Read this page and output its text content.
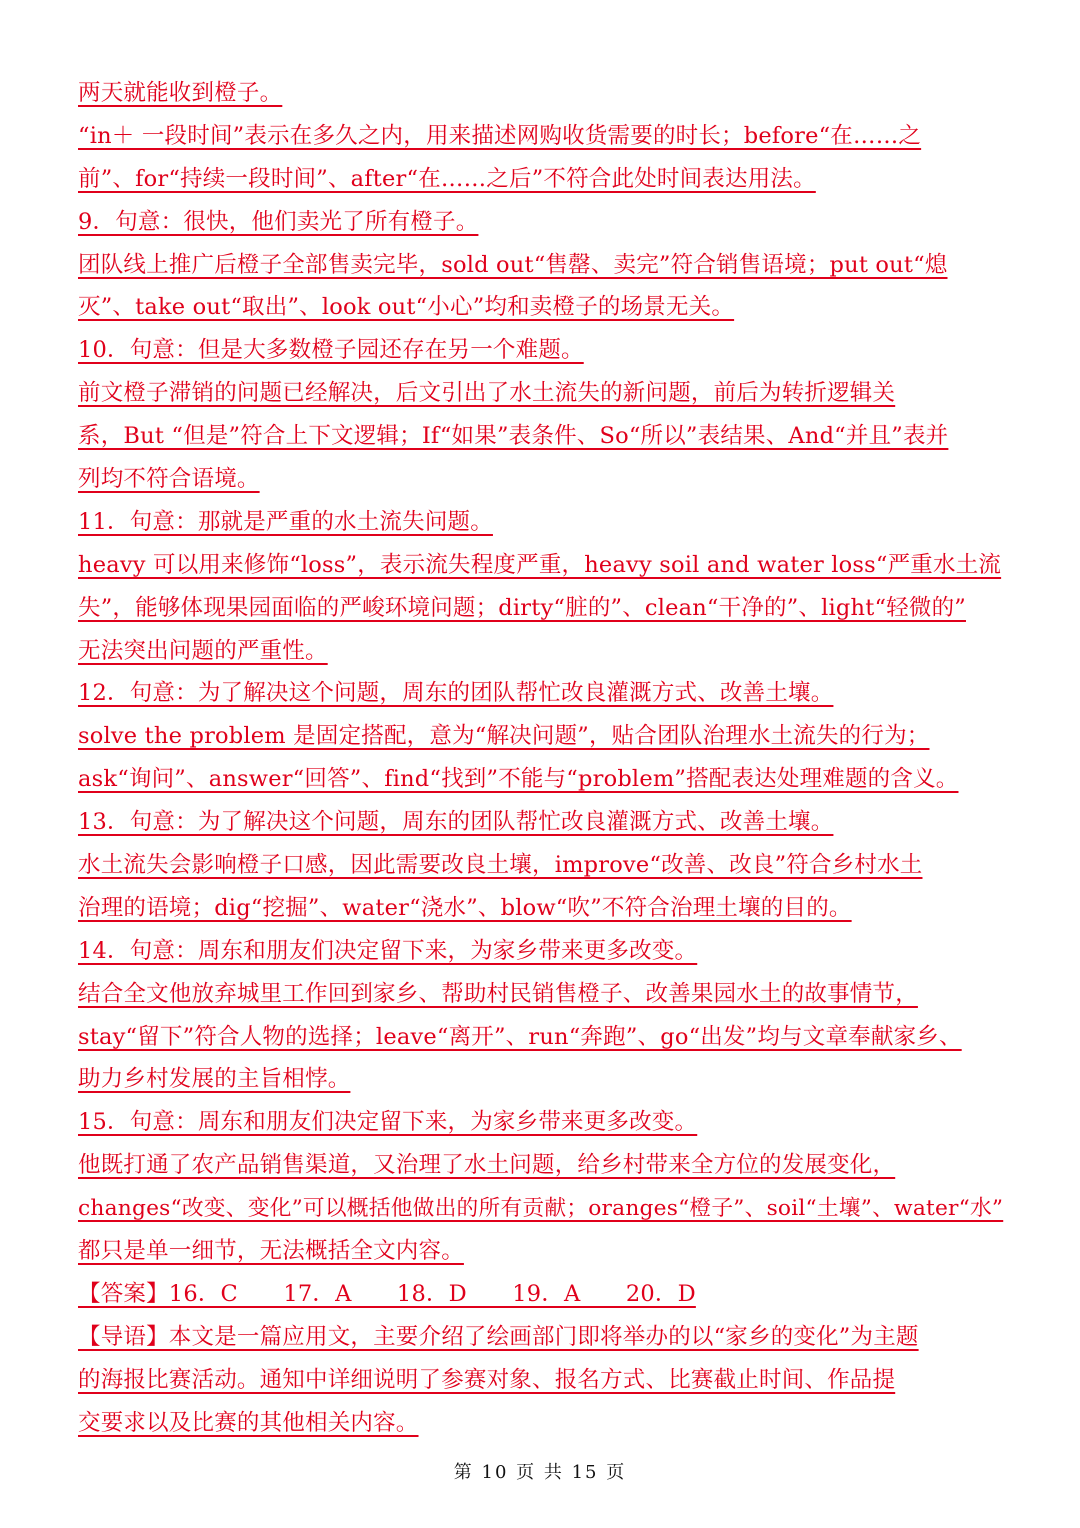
两天就能收到橙子。
“in＋ 一段时间”表示在多久之内，用来描述网购收货需要的时长；before“在……之
前”、for“持续一段时间”、after“在……之后”不符合此处时间表达用法。
9．句意：很快，他们卖光了所有橙子。
团队线上推广后橙子全部售卖完毕，sold out“售罄、卖完”符合销售语境；put out“熄
灭”、take out“取出”、look out“小心”均和卖橙子的场景无关。
10．句意：但是大多数橙子园还存在另一个难题。
前文橙子滞销的问题已经解决，后文引出了水土流失的新问题，前后为转折逻辑关
系，But “但是”符合上下文逻辑；If“如果”表条件、So“所以”表结果、And“并且”表并
列均不符合语境。
11．句意：那就是严重的水土流失问题。
heavy 可以用来修饰“loss”，表示流失程度严重，heavy soil and water loss“严重水土流
失”，能够体现果园面临的严峻环境问题；dirty“脏的”、clean“干净的”、light“轻微的”
无法突出问题的严重性。
12．句意：为了解决这个问题，周东的团队帮忙改良灌溉方式、改善土壤。
solve the problem 是固定搭配，意为“解决问题”，贴合团队治理水土流失的行为；
ask“询问”、answer“回答”、find“找到”不能与“problem”搭配表达处理难题的含义。
13．句意：为了解决这个问题，周东的团队帮忙改良灌溉方式、改善土壤。
水土流失会影响橙子口感，因此需要改良土壤，improve“改善、改良”符合乡村水土
治理的语境；dig“挖掘”、water“浇水”、blow“吹”不符合治理土壤的目的。
14．句意：周东和朋友们决定留下来，为家乡带来更多改变。
结合全文他放弃城里工作回到家乡、帮助村民销售橙子、改善果园水土的故事情节，
stay“留下”符合人物的选择；leave“离开”、run“奔跑”、go“出发”均与文章奉献家乡、
助力乡村发展的主旨相悖。
15．句意：周东和朋友们决定留下来，为家乡带来更多改变。
他既打通了农产品销售渠道，又治理了水土问题，给乡村带来全方位的发展变化，
changes“改变、变化”可以概括他做出的所有贡献；oranges“橙子”、soil“土壤”、water“水”
都只是单一细节，无法概括全文内容。
【答案】16．C　　17．A　　18．D　　19．A　　20．D
【导语】本文是一篇应用文，主要介绍了绘画部门即将举办的以“家乡的变化”为主题
的海报比赛活动。通知中详细说明了参赛对象、报名方式、比赛截止时间、作品提
交要求以及比赛的其他相关内容。
第 10 页 共 15 页
